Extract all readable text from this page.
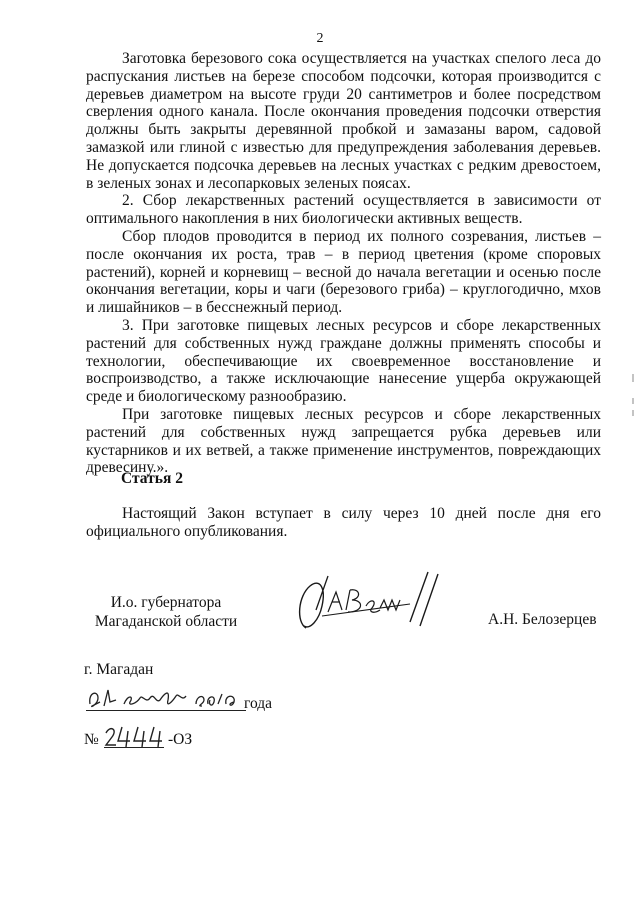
2

Заготовка березового сока осуществляется на участках спелого леса до распускания листьев на березе способом подсочки, которая производится с деревьев диаметром на высоте груди 20 сантиметров и более посредством сверления одного канала. После окончания проведения подсочки отверстия должны быть закрыты деревянной пробкой и замазаны варом, садовой замазкой или глиной с известью для предупреждения заболевания деревьев. Не допускается подсочка деревьев на лесных участках с редким древостоем, в зеленых зонах и лесопарковых зеленых поясах.

2. Сбор лекарственных растений осуществляется в зависимости от оптимального накопления в них биологически активных веществ.

Сбор плодов проводится в период их полного созревания, листьев – после окончания их роста, трав – в период цветения (кроме споровых растений), корней и корневищ – весной до начала вегетации и осенью после окончания вегетации, коры и чаги (березового гриба) – круглогодично, мхов и лишайников – в бесснежный период.

3. При заготовке пищевых лесных ресурсов и сборе лекарственных растений для собственных нужд граждане должны применять способы и технологии, обеспечивающие их своевременное восстановление и воспроизводство, а также исключающие нанесение ущерба окружающей среде и биологическому разнообразию.

При заготовке пищевых лесных ресурсов и сборе лекарственных растений для собственных нужд запрещается рубка деревьев или кустарников и их ветвей, а также применение инструментов, повреждающих древесину.».

Статья 2

Настоящий Закон вступает в силу через 10 дней после дня его официального опубликования.

И.о. губернатора
Магаданской области	А.Н. Белозерцев
г. Магадан
года
№	-ОЗ
